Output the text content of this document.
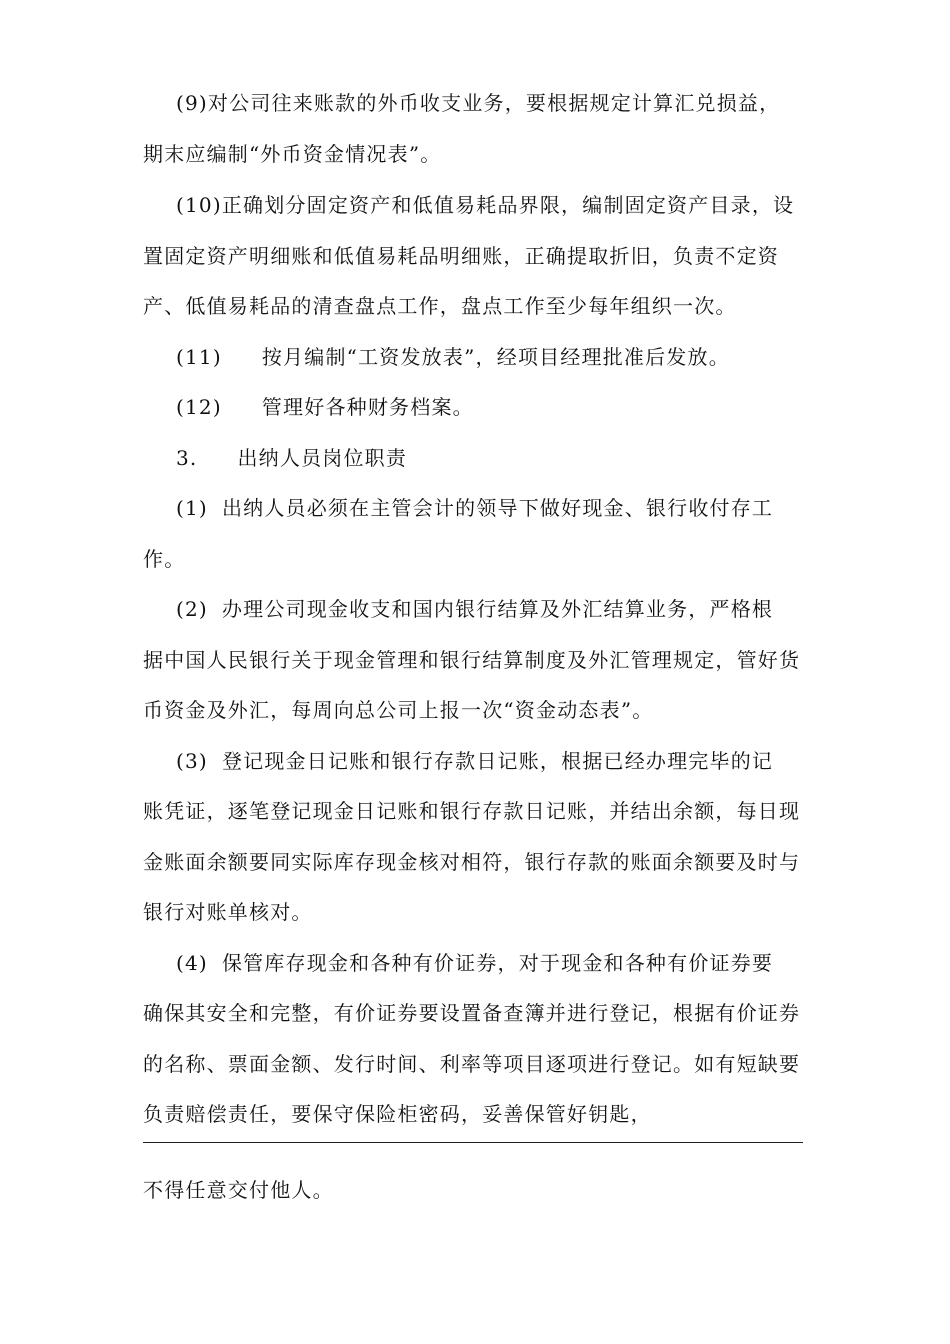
(9)对公司往来账款的外币收支业务，要根据规定计算汇兑损益，
期末应编制“外币资金情况表”。
(10)正确划分固定资产和低值易耗品界限，编制固定资产目录，设
置固定资产明细账和低值易耗品明细账，正确提取折旧，负责不定资
产、低值易耗品的清查盘点工作，盘点工作至少每年组织一次。
(11) 按月编制“工资发放表”，经项目经理批准后发放。
(12) 管理好各种财务档案。
3. 出纳人员岗位职责
(1) 出纳人员必须在主管会计的领导下做好现金、银行收付存工
作。
(2) 办理公司现金收支和国内银行结算及外汇结算业务，严格根
据中国人民银行关于现金管理和银行结算制度及外汇管理规定，管好货
币资金及外汇，每周向总公司上报一次“资金动态表”。
(3) 登记现金日记账和银行存款日记账，根据已经办理完毕的记
账凭证，逐笔登记现金日记账和银行存款日记账，并结出余额，每日现
金账面余额要同实际库存现金核对相符，银行存款的账面余额要及时与
银行对账单核对。
(4) 保管库存现金和各种有价证券，对于现金和各种有价证券要
确保其安全和完整，有价证券要设置备查簿并进行登记，根据有价证券
的名称、票面金额、发行时间、利率等项目逐项进行登记。如有短缺要
负责赔偿责任，要保守保险柜密码，妥善保管好钥匙，
不得任意交付他人。
